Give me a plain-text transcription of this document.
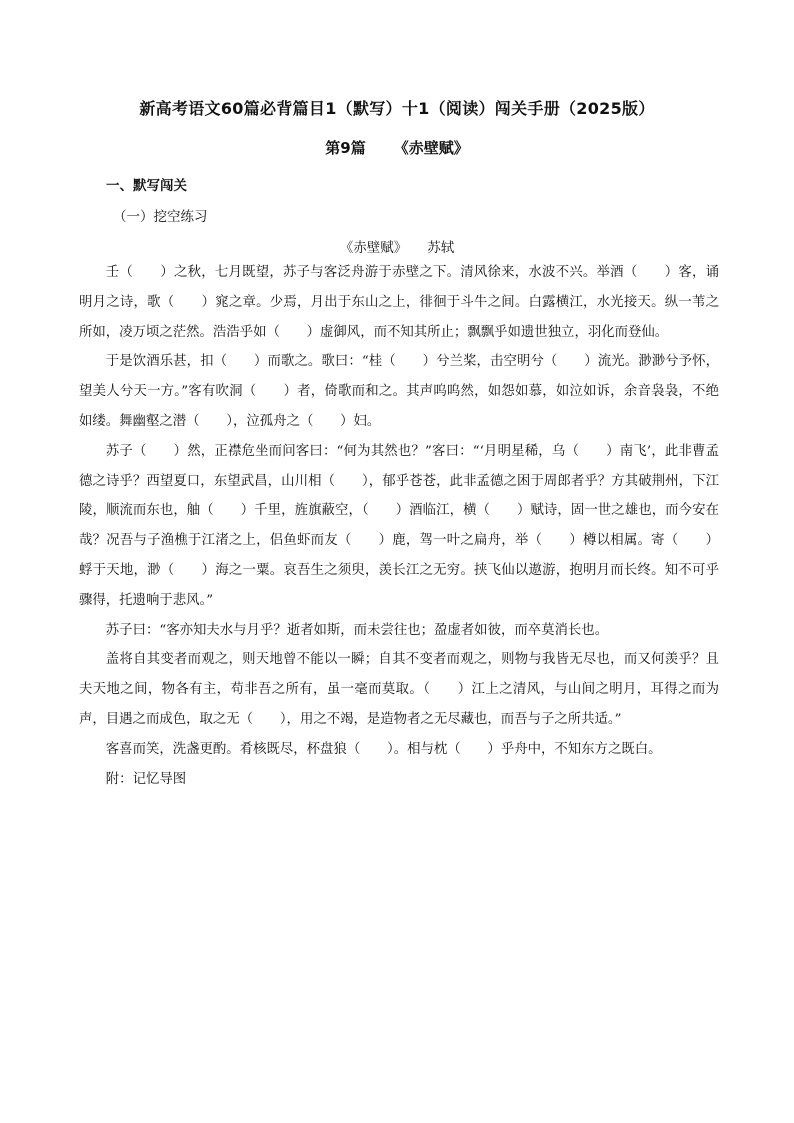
新高考语文60篇必背篇目1（默写）十1（阅读）闯关手册（2025版）
第9篇 《赤壁赋》
一、默写闯关
（一）挖空练习
《赤壁赋》 苏轼

壬（　　）之秋，七月既望，苏子与客泛舟游于赤壁之下。清风徐来，水波不兴。举酒（　　）客，诵明月之诗，歌（　　）窕之章。少焉，月出于东山之上，徘徊于斗牛之间。白露横江，水光接天。纵一苇之所如，凌万顷之茫然。浩浩乎如（　　）虚御风，而不知其所止；飘飘乎如遗世独立，羽化而登仙。

于是饮酒乐甚，扣（　　）而歌之。歌曰：“桂（　　）兮兰桨，击空明兮（　　）流光。渺渺兮予怀，望美人兮天一方。”客有吹洞（　　）者，倚歌而和之。其声呜呜然，如怨如慕，如泣如诉，余音袅袅，不绝如缕。舞幽壑之潜（　　），泣孤舟之（　　）妇。

苏子（　　）然，正襟危坐而问客曰：“何为其然也？”客曰：“‘月明星稀，乌（　　）南飞’，此非曹孟德之诗乎？西望夏口，东望武昌，山川相（　　），郁乎苍苍，此非孟德之困于周郎者乎？方其破荆州，下江陵，顺流而东也，舳（　　）千里，旌旗蔽空，（　　）酒临江，横（　　）赋诗，固一世之雄也，而今安在哉？况吾与子渔樵于江渚之上，侣鱼虾而友（　　）鹿，驾一叶之扁舟，举（　　）樽以相属。寄（　　）蜉于天地，渺（　　）海之一粟。哀吾生之须臾，羡长江之无穷。挟飞仙以遨游，抱明月而长终。知不可乎骤得，托遗响于悲风。”

苏子曰：“客亦知夫水与月乎？逝者如斯，而未尝往也；盈虚者如彼，而卒莫消长也。

盖将自其变者而观之，则天地曾不能以一瞬；自其不变者而观之，则物与我皆无尽也，而又何羡乎？且夫天地之间，物各有主，苟非吾之所有，虽一毫而莫取。（　　）江上之清风，与山间之明月，耳得之而为声，目遇之而成色，取之无（　　），用之不竭，是造物者之无尽藏也，而吾与子之所共适。”

客喜而笑，洗盏更酌。肴核既尽，杯盘狼（　　）。相与枕（　　）乎舟中，不知东方之既白。

附：记忆导图
